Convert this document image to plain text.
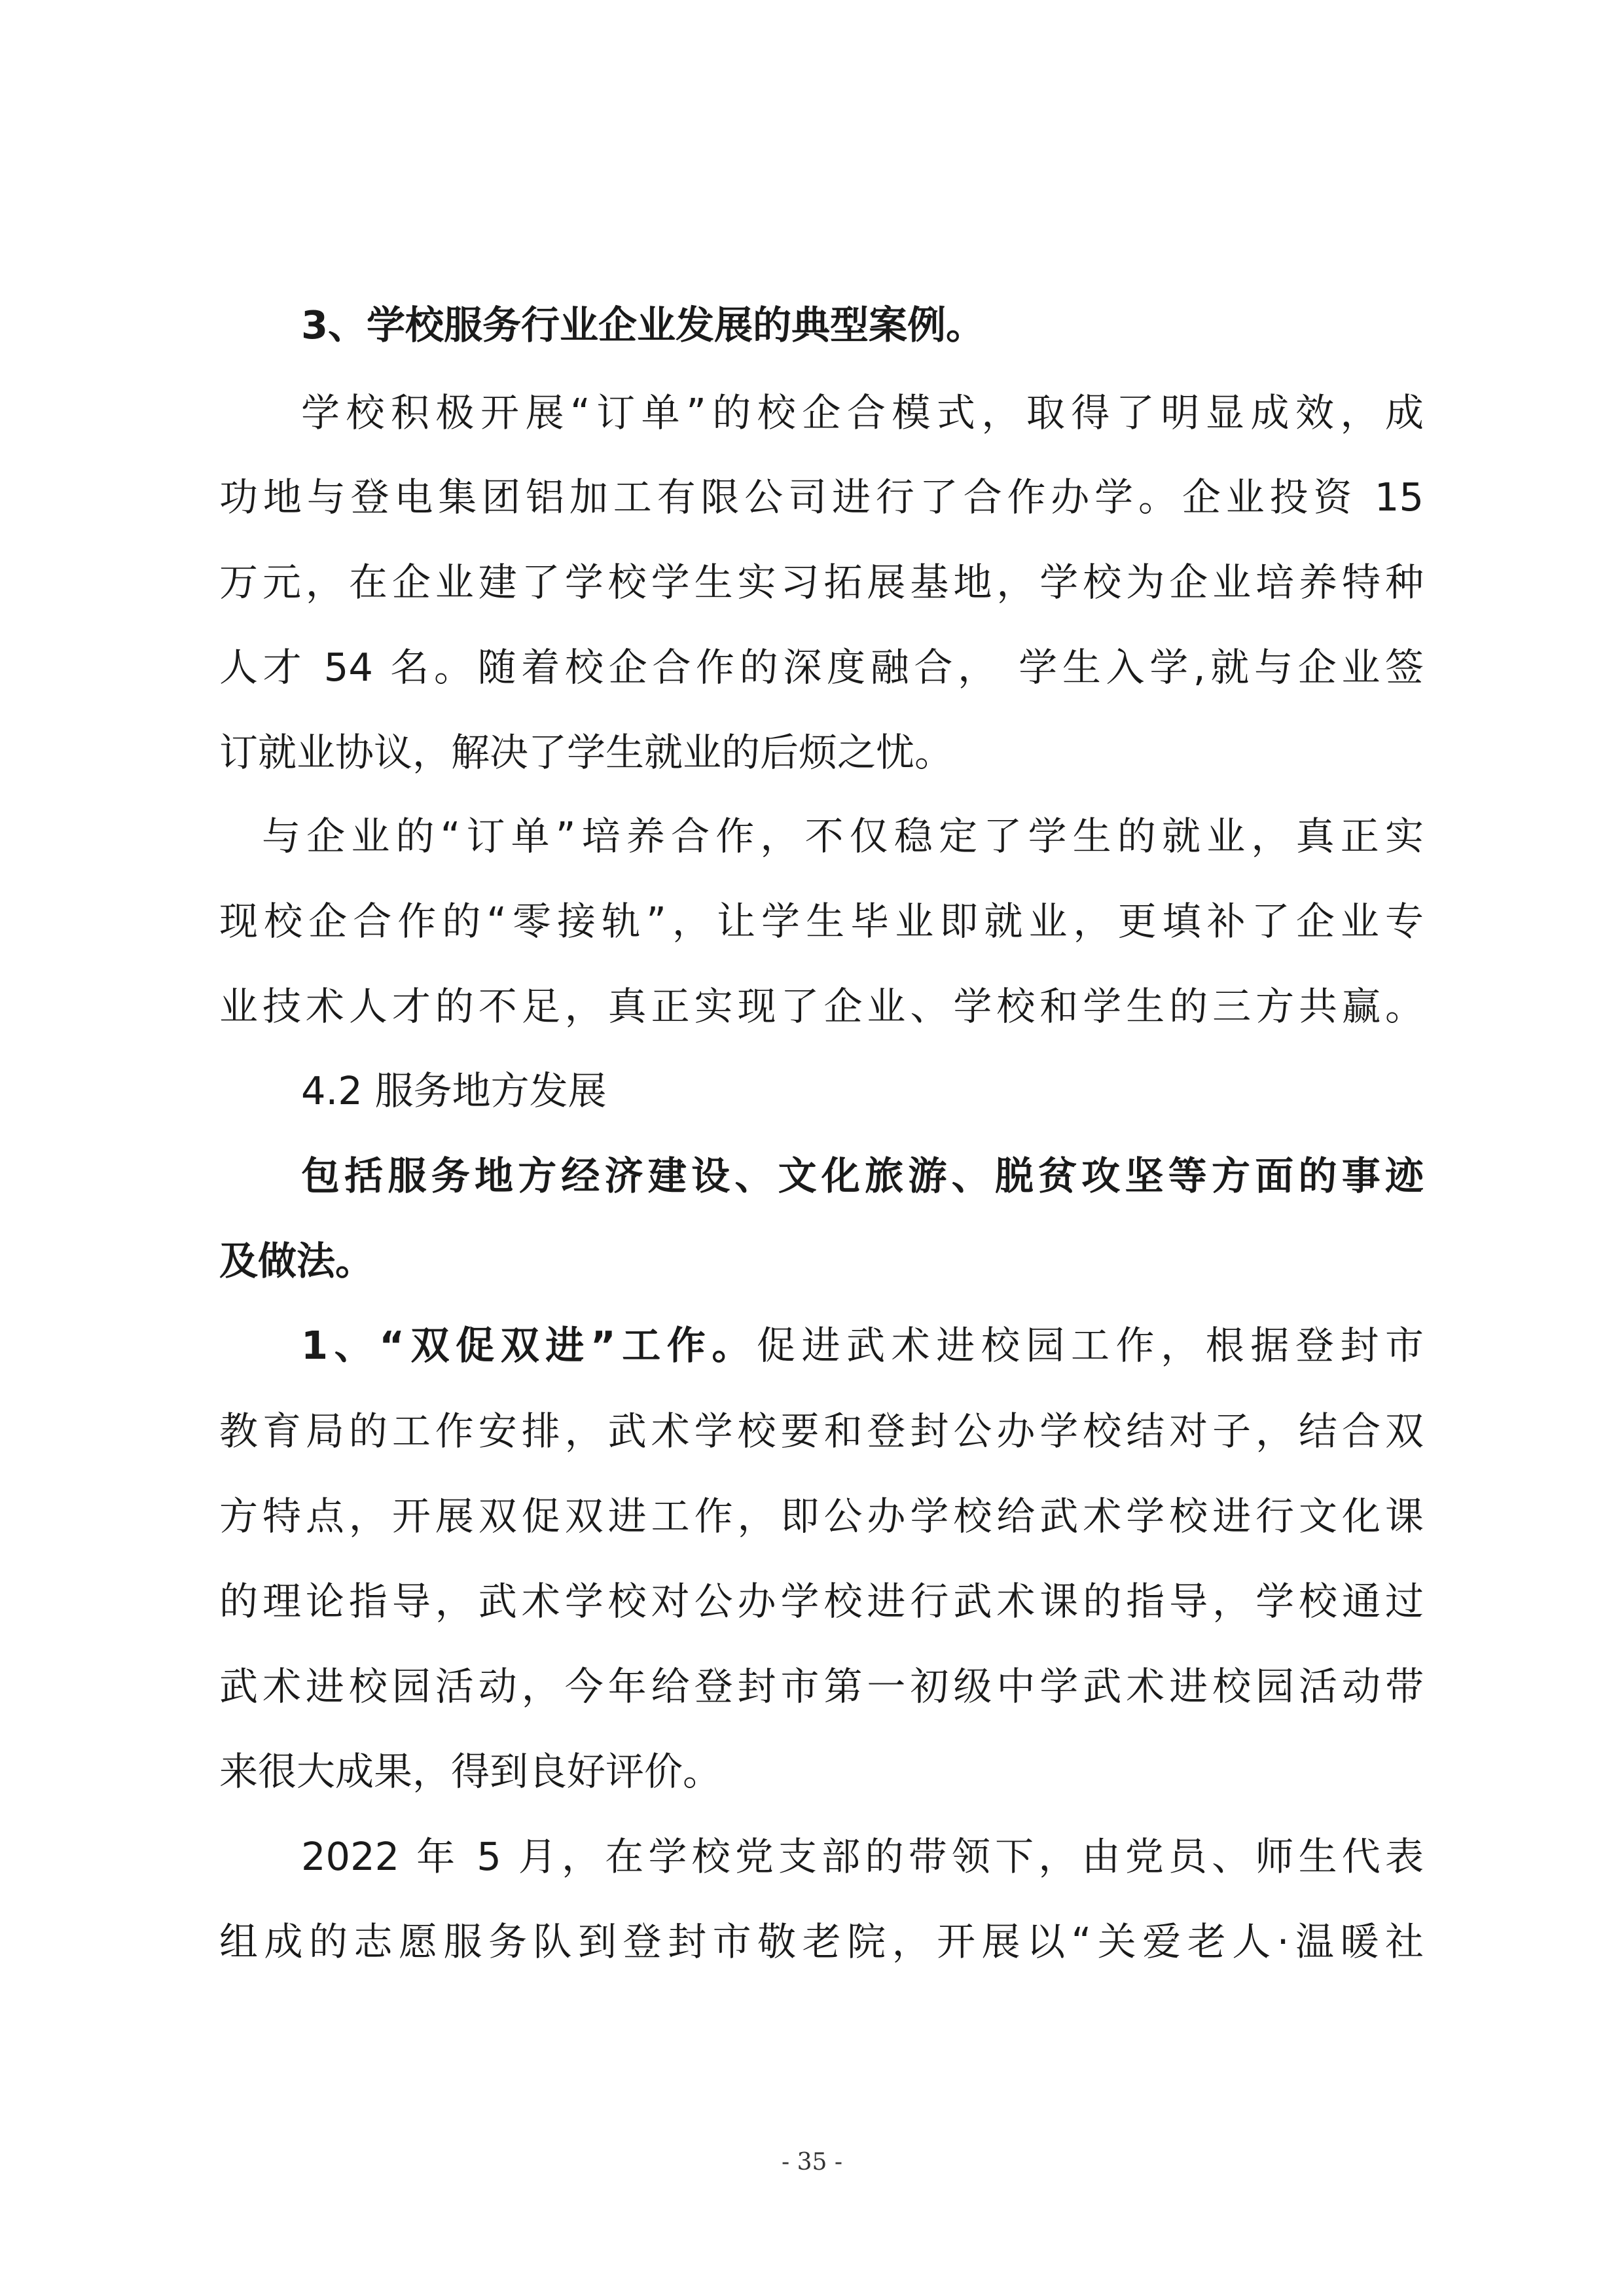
3、学校服务行业企业发展的典型案例。
学校积极开展“订单”的校企合模式，取得了明显成效，成
功地与登电集团铝加工有限公司进行了合作办学。企业投资 15
万元，在企业建了学校学生实习拓展基地，学校为企业培养特种
人才 54 名。随着校企合作的深度融合， 学生入学,就与企业签
订就业协议，解决了学生就业的后烦之忧。
与企业的“订单”培养合作，不仅稳定了学生的就业，真正实
现校企合作的“零接轨”，让学生毕业即就业，更填补了企业专
业技术人才的不足，真正实现了企业、学校和学生的三方共赢。
4.2 服务地方发展
包括服务地方经济建设、文化旅游、脱贫攻坚等方面的事迹
及做法。
1、“双促双进”工作。促进武术进校园工作，根据登封市
教育局的工作安排，武术学校要和登封公办学校结对子，结合双
方特点，开展双促双进工作，即公办学校给武术学校进行文化课
的理论指导，武术学校对公办学校进行武术课的指导，学校通过
武术进校园活动，今年给登封市第一初级中学武术进校园活动带
来很大成果，得到良好评价。
2022 年 5 月，在学校党支部的带领下，由党员、师生代表
组成的志愿服务队到登封市敬老院，开展以“关爱老人·温暖社
- 35 -
